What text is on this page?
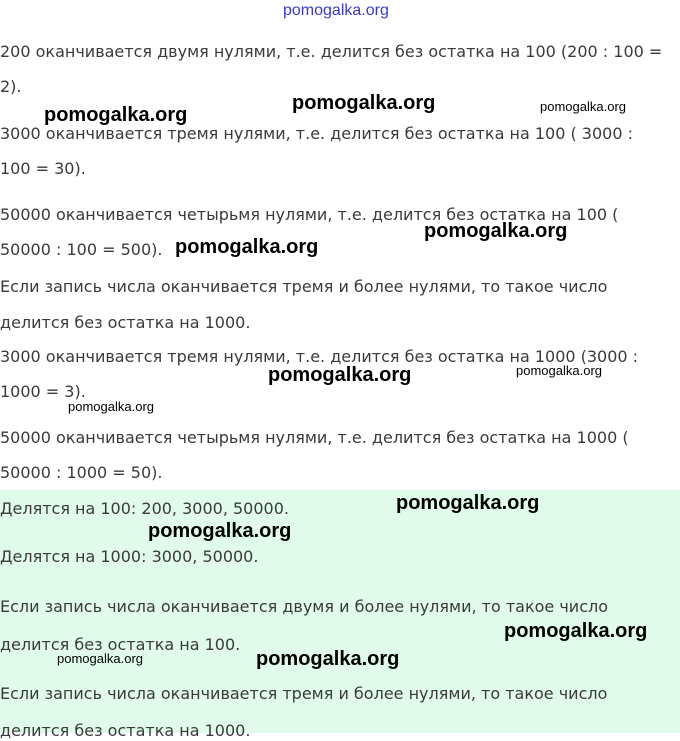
pomogalka.org
200 оканчивается двумя нулями, т.е. делится без остатка на 100 (200 : 100 =
2).
3000 оканчивается тремя нулями, т.е. делится без остатка на 100 ( 3000 :
100 = 30).
50000 оканчивается четырьмя нулями, т.е. делится без остатка на 100 (
50000 : 100 = 500).
Если запись числа оканчивается тремя и более нулями, то такое число
делится без остатка на 1000.
3000 оканчивается тремя нулями, т.е. делится без остатка на 1000 (3000 :
1000 = 3).
50000 оканчивается четырьмя нулями, т.е. делится без остатка на 1000 (
50000 : 1000 = 50).
Делятся на 100: 200, 3000, 50000.
Делятся на 1000: 3000, 50000.
Если запись числа оканчивается двумя и более нулями, то такое число
делится без остатка на 100.
Если запись числа оканчивается тремя и более нулями, то такое число
делится без остатка на 1000.
pomogalka.org
pomogalka.org	pomogalka.org
pomogalka.org
pomogalka.org
pomogalka.org	pomogalka.org
pomogalka.org
pomogalka.org
pomogalka.org
pomogalka.org
pomogalka.org	pomogalka.org
